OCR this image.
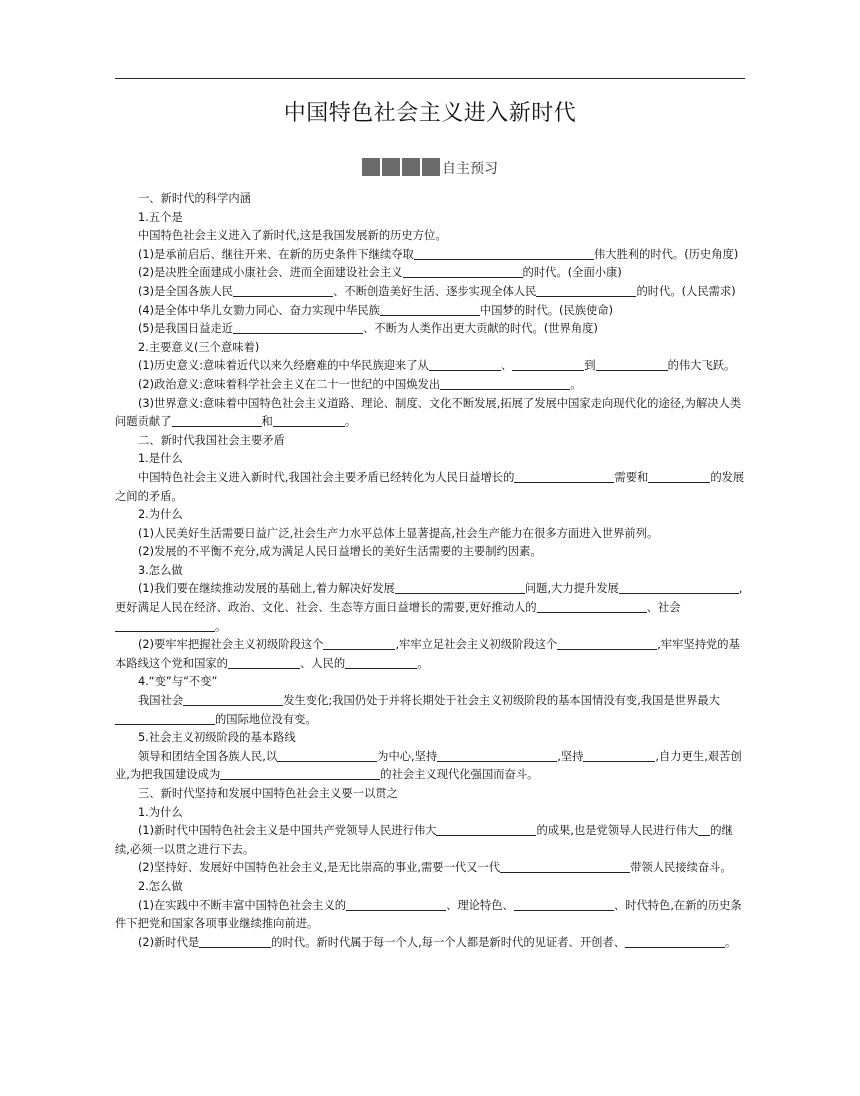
中国特色社会主义进入新时代
自主预习

一、新时代的科学内涵

1.五个是

中国特色社会主义进入了新时代,这是我国发展新的历史方位。

(1)是承前启后、继往开来、在新的历史条件下继续夺取	伟大胜利的时代。(历史角度)

(2)是决胜全面建成小康社会、进而全面建设社会主义	的时代。(全面小康)

(3)是全国各族人民	、不断创造美好生活、逐步实现全体人民	的时代。(人民需求)

(4)是全体中华儿女勠力同心、奋力实现中华民族	中国梦的时代。(民族使命)

(5)是我国日益走近	、不断为人类作出更大贡献的时代。(世界角度)

2.主要意义(三个意味着)

(1)历史意义:意味着近代以来久经磨难的中华民族迎来了从	、	到	的伟大飞跃。

(2)政治意义:意味着科学社会主义在二十一世纪的中国焕发出	。

(3)世界意义:意味着中国特色社会主义道路、理论、制度、文化不断发展,拓展了发展中国家走向现代化的途径,为解决人类问题贡献了	和	。

二、新时代我国社会主要矛盾

1.是什么

中国特色社会主义进入新时代,我国社会主要矛盾已经转化为人民日益增长的	需要和	的发展之间的矛盾。

2.为什么

(1)人民美好生活需要日益广泛,社会生产力水平总体上显著提高,社会生产能力在很多方面进入世界前列。

(2)发展的不平衡不充分,成为满足人民日益增长的美好生活需要的主要制约因素。

3.怎么做

(1)我们要在继续推动发展的基础上,着力解决好发展	问题,大力提升发展	,更好满足人民在经济、政治、文化、社会、生态等方面日益增长的需要,更好推动人的	、社会。

(2)要牢牢把握社会主义初级阶段这个	,牢牢立足社会主义初级阶段这个	,牢牢坚持党的基本路线这个党和国家的	、人民的	。

4.“变”与“不变”

我国社会	发生变化;我国仍处于并将长期处于社会主义初级阶段的基本国情没有变,我国是世界最大的国际地位没有变。

5.社会主义初级阶段的基本路线

领导和团结全国各族人民,以	为中心,坚持	,坚持	,自力更生,艰苦创业,为把我国建设成为	的社会主义现代化强国而奋斗。

三、新时代坚持和发展中国特色社会主义要一以贯之

1.为什么

(1)新时代中国特色社会主义是中国共产党领导人民进行伟大	的成果,也是党领导人民进行伟大 的继续,必须一以贯之进行下去。

(2)坚持好、发展好中国特色社会主义,是无比崇高的事业,需要一代又一代	带领人民接续奋斗。

2.怎么做

(1)在实践中不断丰富中国特色社会主义的	、理论特色、	、时代特色,在新的历史条件下把党和国家各项事业继续推向前进。

(2)新时代是	的时代。新时代属于每一个人,每一个人都是新时代的见证者、开创者、	。
